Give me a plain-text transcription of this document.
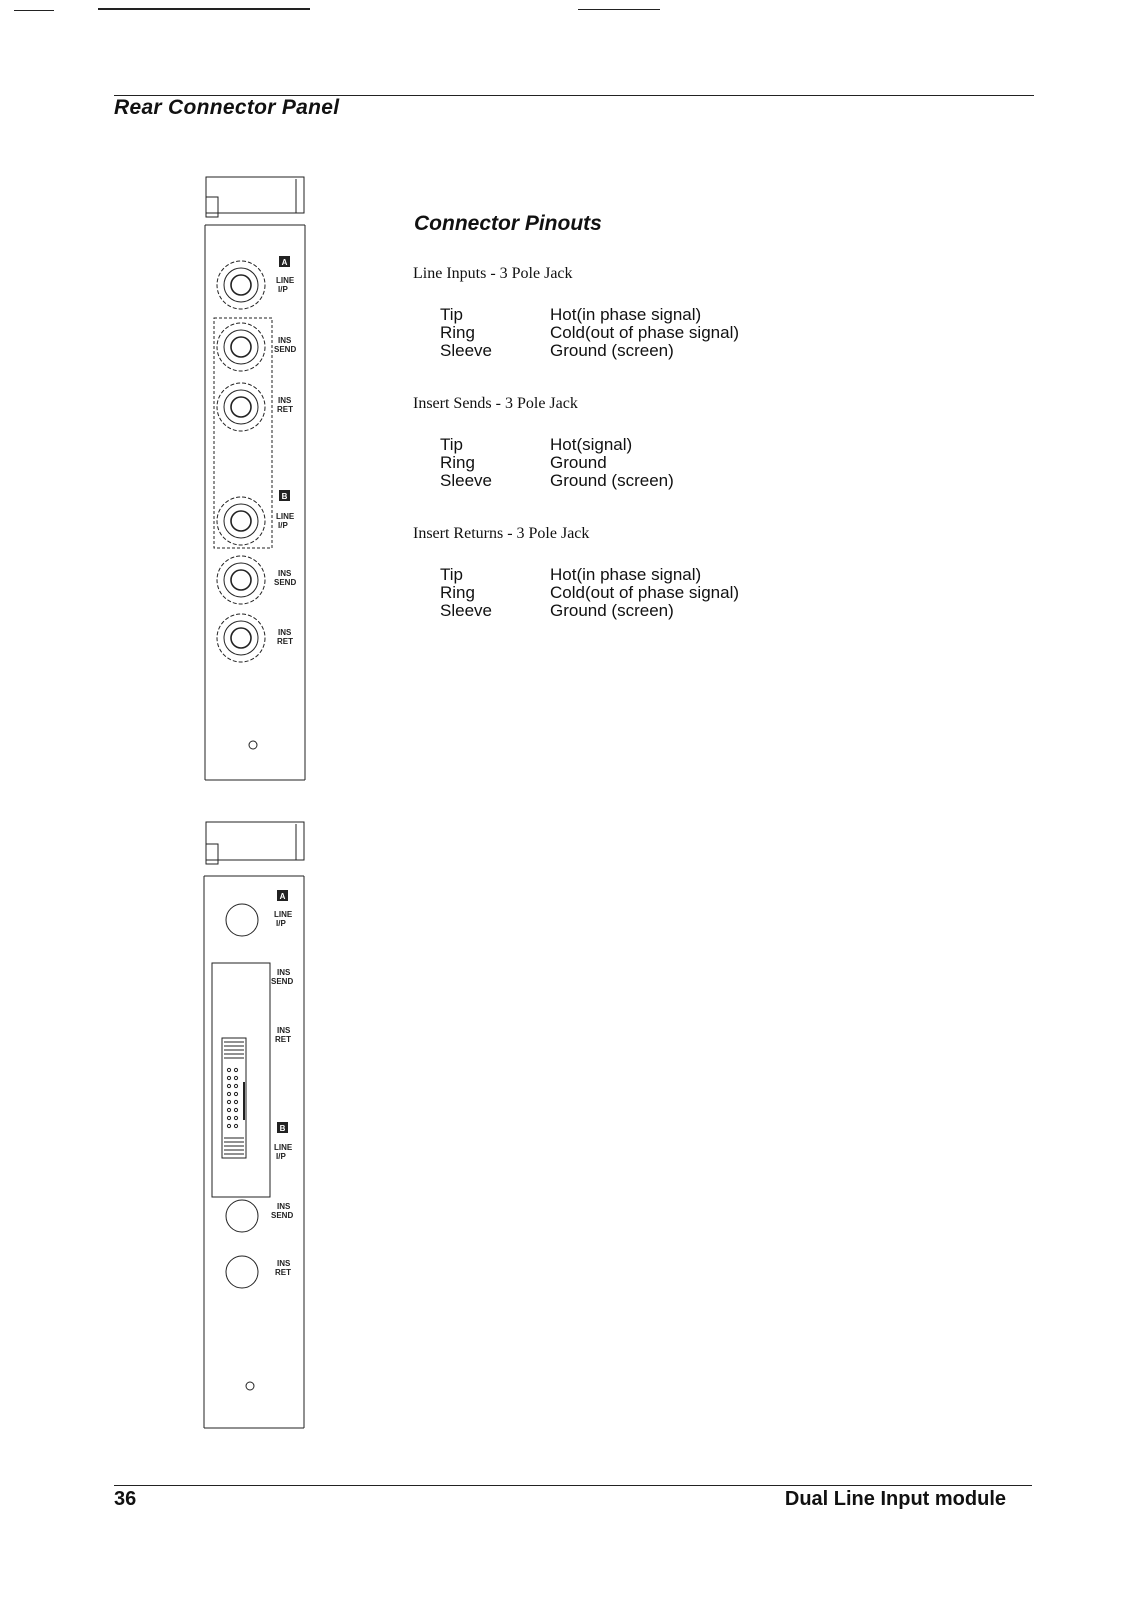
Rear Connector Panel
A
B
LINE
I/P
INS
SEND
INS
RET
LINE
I/P
INS
SEND
INS
RET
A
B
LINE
I/P
INS
SEND
INS
RET
LINE
I/P
INS
SEND
INS
RET
Connector Pinouts

Line Inputs - 3 Pole Jack

Tip	Hot(in phase signal)
Ring	Cold(out of phase signal)
Sleeve	Ground (screen)

Insert Sends - 3 Pole Jack

Tip	Hot(signal)
Ring	Ground
Sleeve	Ground (screen)

Insert Returns - 3 Pole Jack

Tip	Hot(in phase signal)
Ring	Cold(out of phase signal)
Sleeve	Ground (screen)

36	Dual Line Input module
